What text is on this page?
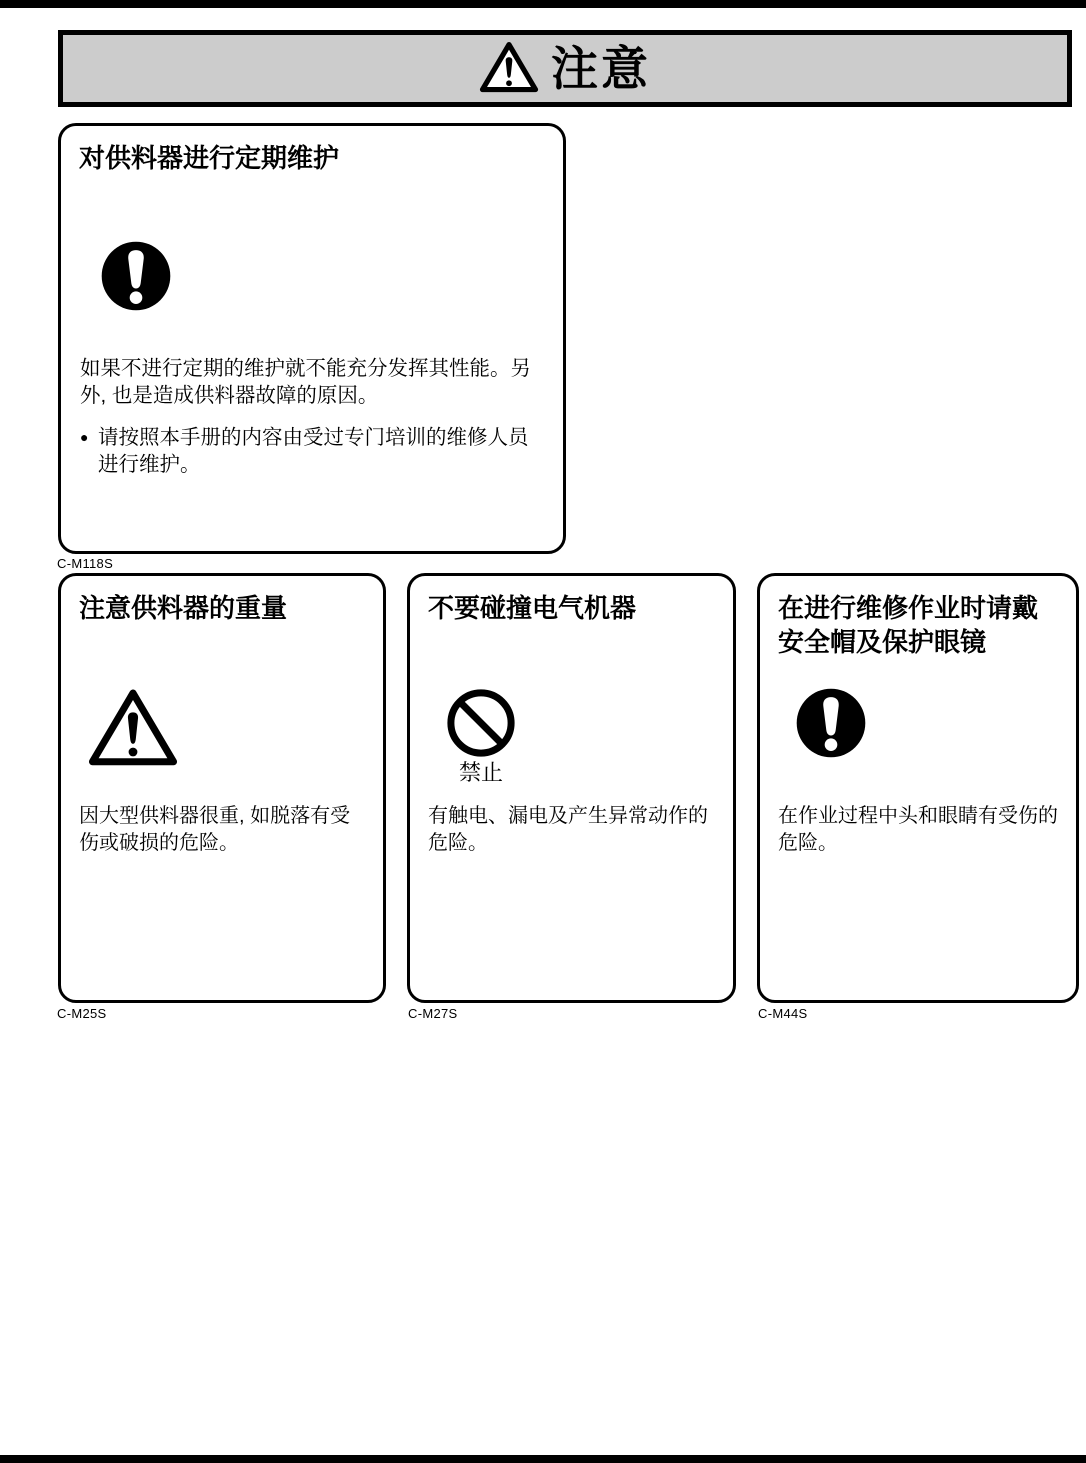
注意
对供料器进行定期维护

如果不进行定期的维护就不能充分发挥其性能。另外, 也是造成供料器故障的原因。

● 请按照本手册的内容由受过专门培训的维修人员进行维护。
C-M118S
注意供料器的重量
因大型供料器很重, 如脱落有受伤或破损的危险。
C-M25S
不要碰撞电气机器
禁止
有触电、漏电及产生异常动作的危险。
C-M27S
在进行维修作业时请戴安全帽及保护眼镜
在作业过程中头和眼睛有受伤的危险。
C-M44S
